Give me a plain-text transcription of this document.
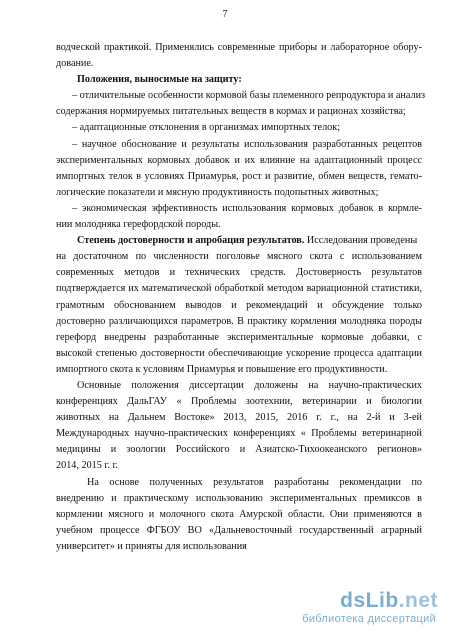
7
водческой практикой. Применялись современные приборы и лабораторное обору-
дование.
Положения, выносимые на защиту:
– отличительные особенности кормовой базы племенного репродуктора и анализ
содержания нормируемых питательных веществ в кормах и рационах хозяйства;
– адаптационные отклонения в организмах импортных телок;
– научное обоснование и результаты использования разработанных рецептов
экспериментальных кормовых добавок и их влияние на адаптационный процесс
импортных телок в условиях Приамурья, рост и развитие, обмен веществ, гемато-
логические показатели и мясную продуктивность подопытных животных;
– экономическая эффективность использования кормовых добавок в кормле-
нии молодняка герефордской породы.
Степень достоверности и апробация результатов. Исследования проведены
на достаточном по численности поголовье мясного скота с использованием
современных методов и технических средств. Достоверность результатов
подтверждается их математической обработкой методом вариационной статистики,
грамотным обоснованием выводов и рекомендаций и обсуждение только
достоверно различающихся параметров. В практику кормления молодняка породы
герефорд внедрены разработанные экспериментальные кормовые добавки, с
высокой степенью достоверности обеспечивающие ускорение процесса адаптации
импортного скота к условиям Приамурья и повышение его продуктивности.
Основные положения диссертации доложены на научно-практических
конференциях ДальГАУ « Проблемы зоотехнии, ветеринарии и биологии
животных на Дальнем Востоке» 2013, 2015, 2016 г. г., на 2-й и 3-ей
Международных научно-практических конференциях « Проблемы ветеринарной
медицины и зоологии Российского и Азиатско-Тихоокеанского регионов»
2014, 2015 г. г.
На основе полученных результатов разработаны рекомендации по
внедрению и практическому использованию экспериментальных премиксов в
кормлении мясного и молочного скота Амурской области. Они применяются в
учебном процессе ФГБОУ ВО «Дальневосточный государственный аграрный
университет» и приняты для использования
dsLib.net
библиотека диссертаций
